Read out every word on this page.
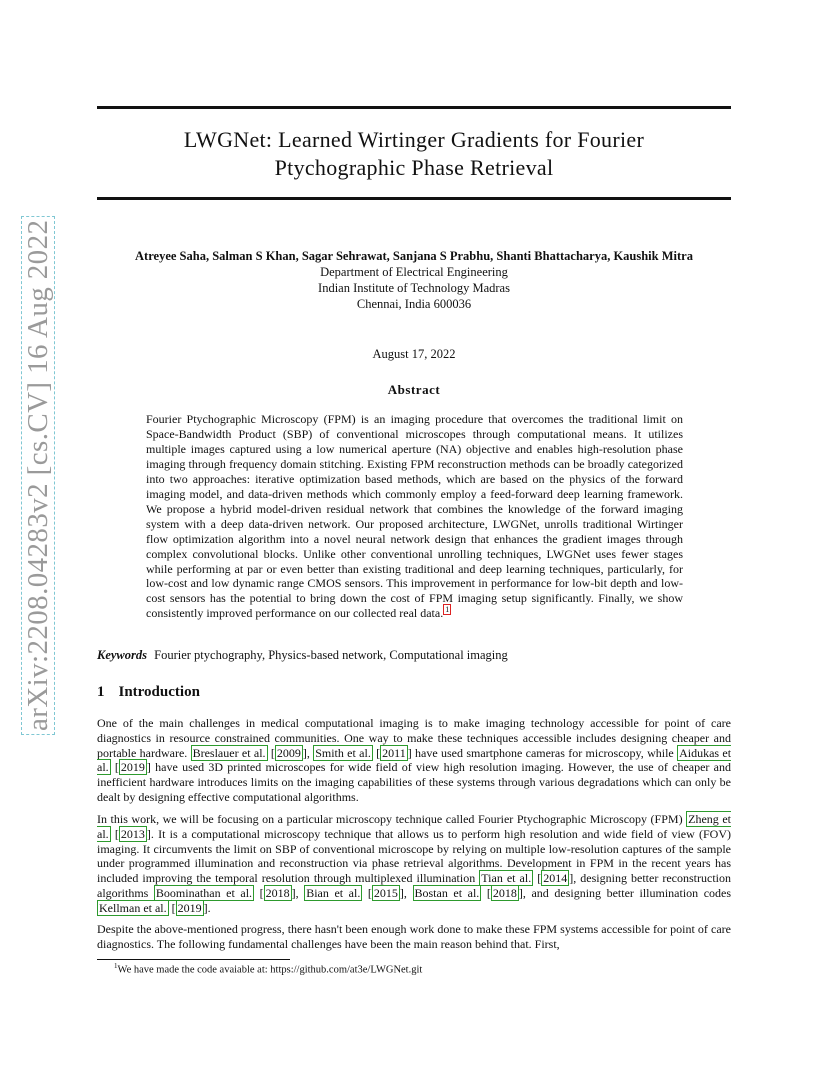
LWGNet: Learned Wirtinger Gradients for Fourier
Ptychographic Phase Retrieval
arXiv:2208.04283v2 [cs.CV] 16 Aug 2022	Atreyee Saha, Salman S Khan, Sagar Sehrawat, Sanjana S Prabhu, Shanti Bhattacharya, Kaushik Mitra
Department of Electrical Engineering
Indian Institute of Technology Madras
Chennai, India 600036
August 17, 2022
Abstract
Fourier Ptychographic Microscopy (FPM) is an imaging procedure that overcomes the traditional limit on Space-Bandwidth Product (SBP) of conventional microscopes through computational means. It utilizes multiple images captured using a low numerical aperture (NA) objective and enables high-resolution phase imaging through frequency domain stitching. Existing FPM reconstruction methods can be broadly categorized into two approaches: iterative optimization based methods, which are based on the physics of the forward imaging model, and data-driven methods which commonly employ a feed-forward deep learning framework. We propose a hybrid model-driven residual network that combines the knowledge of the forward imaging system with a deep data-driven network. Our proposed architecture, LWGNet, unrolls traditional Wirtinger flow optimization algorithm into a novel neural network design that enhances the gradient images through complex convolutional blocks. Unlike other conventional unrolling techniques, LWGNet uses fewer stages while performing at par or even better than existing traditional and deep learning techniques, particularly, for low-cost and low dynamic range CMOS sensors. This improvement in performance for low-bit depth and low-cost sensors has the potential to bring down the cost of FPM imaging setup significantly. Finally, we show consistently improved performance on our collected real data. $^1$
Keywords Fourier ptychography, Physics-based network, Computational imaging
1 Introduction
One of the main challenges in medical computational imaging is to make imaging technology accessible for point of care diagnostics in resource constrained communities. One way to make these techniques accessible includes designing cheaper and portable hardware. Breslauer et al. [ 2009 ], Smith et al. [ 2011 ] have used smartphone cameras for microscopy, while Aidukas et al. [ 2019 ] have used 3D printed microscopes for wide field of view high resolution imaging. However, the use of cheaper and inefficient hardware introduces limits on the imaging capabilities of these systems through various degradations which can only be dealt by designing effective computational algorithms.
In this work, we will be focusing on a particular microscopy technique called Fourier Ptychographic Microscopy (FPM) Zheng et al. [ 2013 ]. It is a computational microscopy technique that allows us to perform high resolution and wide field of view (FOV) imaging. It circumvents the limit on SBP of conventional microscope by relying on multiple low-resolution captures of the sample under programmed illumination and reconstruction via phase retrieval algorithms. Development in FPM in the recent years has included improving the temporal resolution through multiplexed illumination Tian et al. [ 2014 ], designing better reconstruction algorithms Boominathan et al. [ 2018 ], Bian et al. [ 2015 ], Bostan et al. [ 2018 ], and designing better illumination codes Kellman et al. [ 2019 ].
Despite the above-mentioned progress, there hasn't been enough work done to make these FPM systems accessible for point of care diagnostics. The following fundamental challenges have been the main reason behind that. First,
$^1$We have made the code avaiable at: https://github.com/at3e/LWGNet.git
